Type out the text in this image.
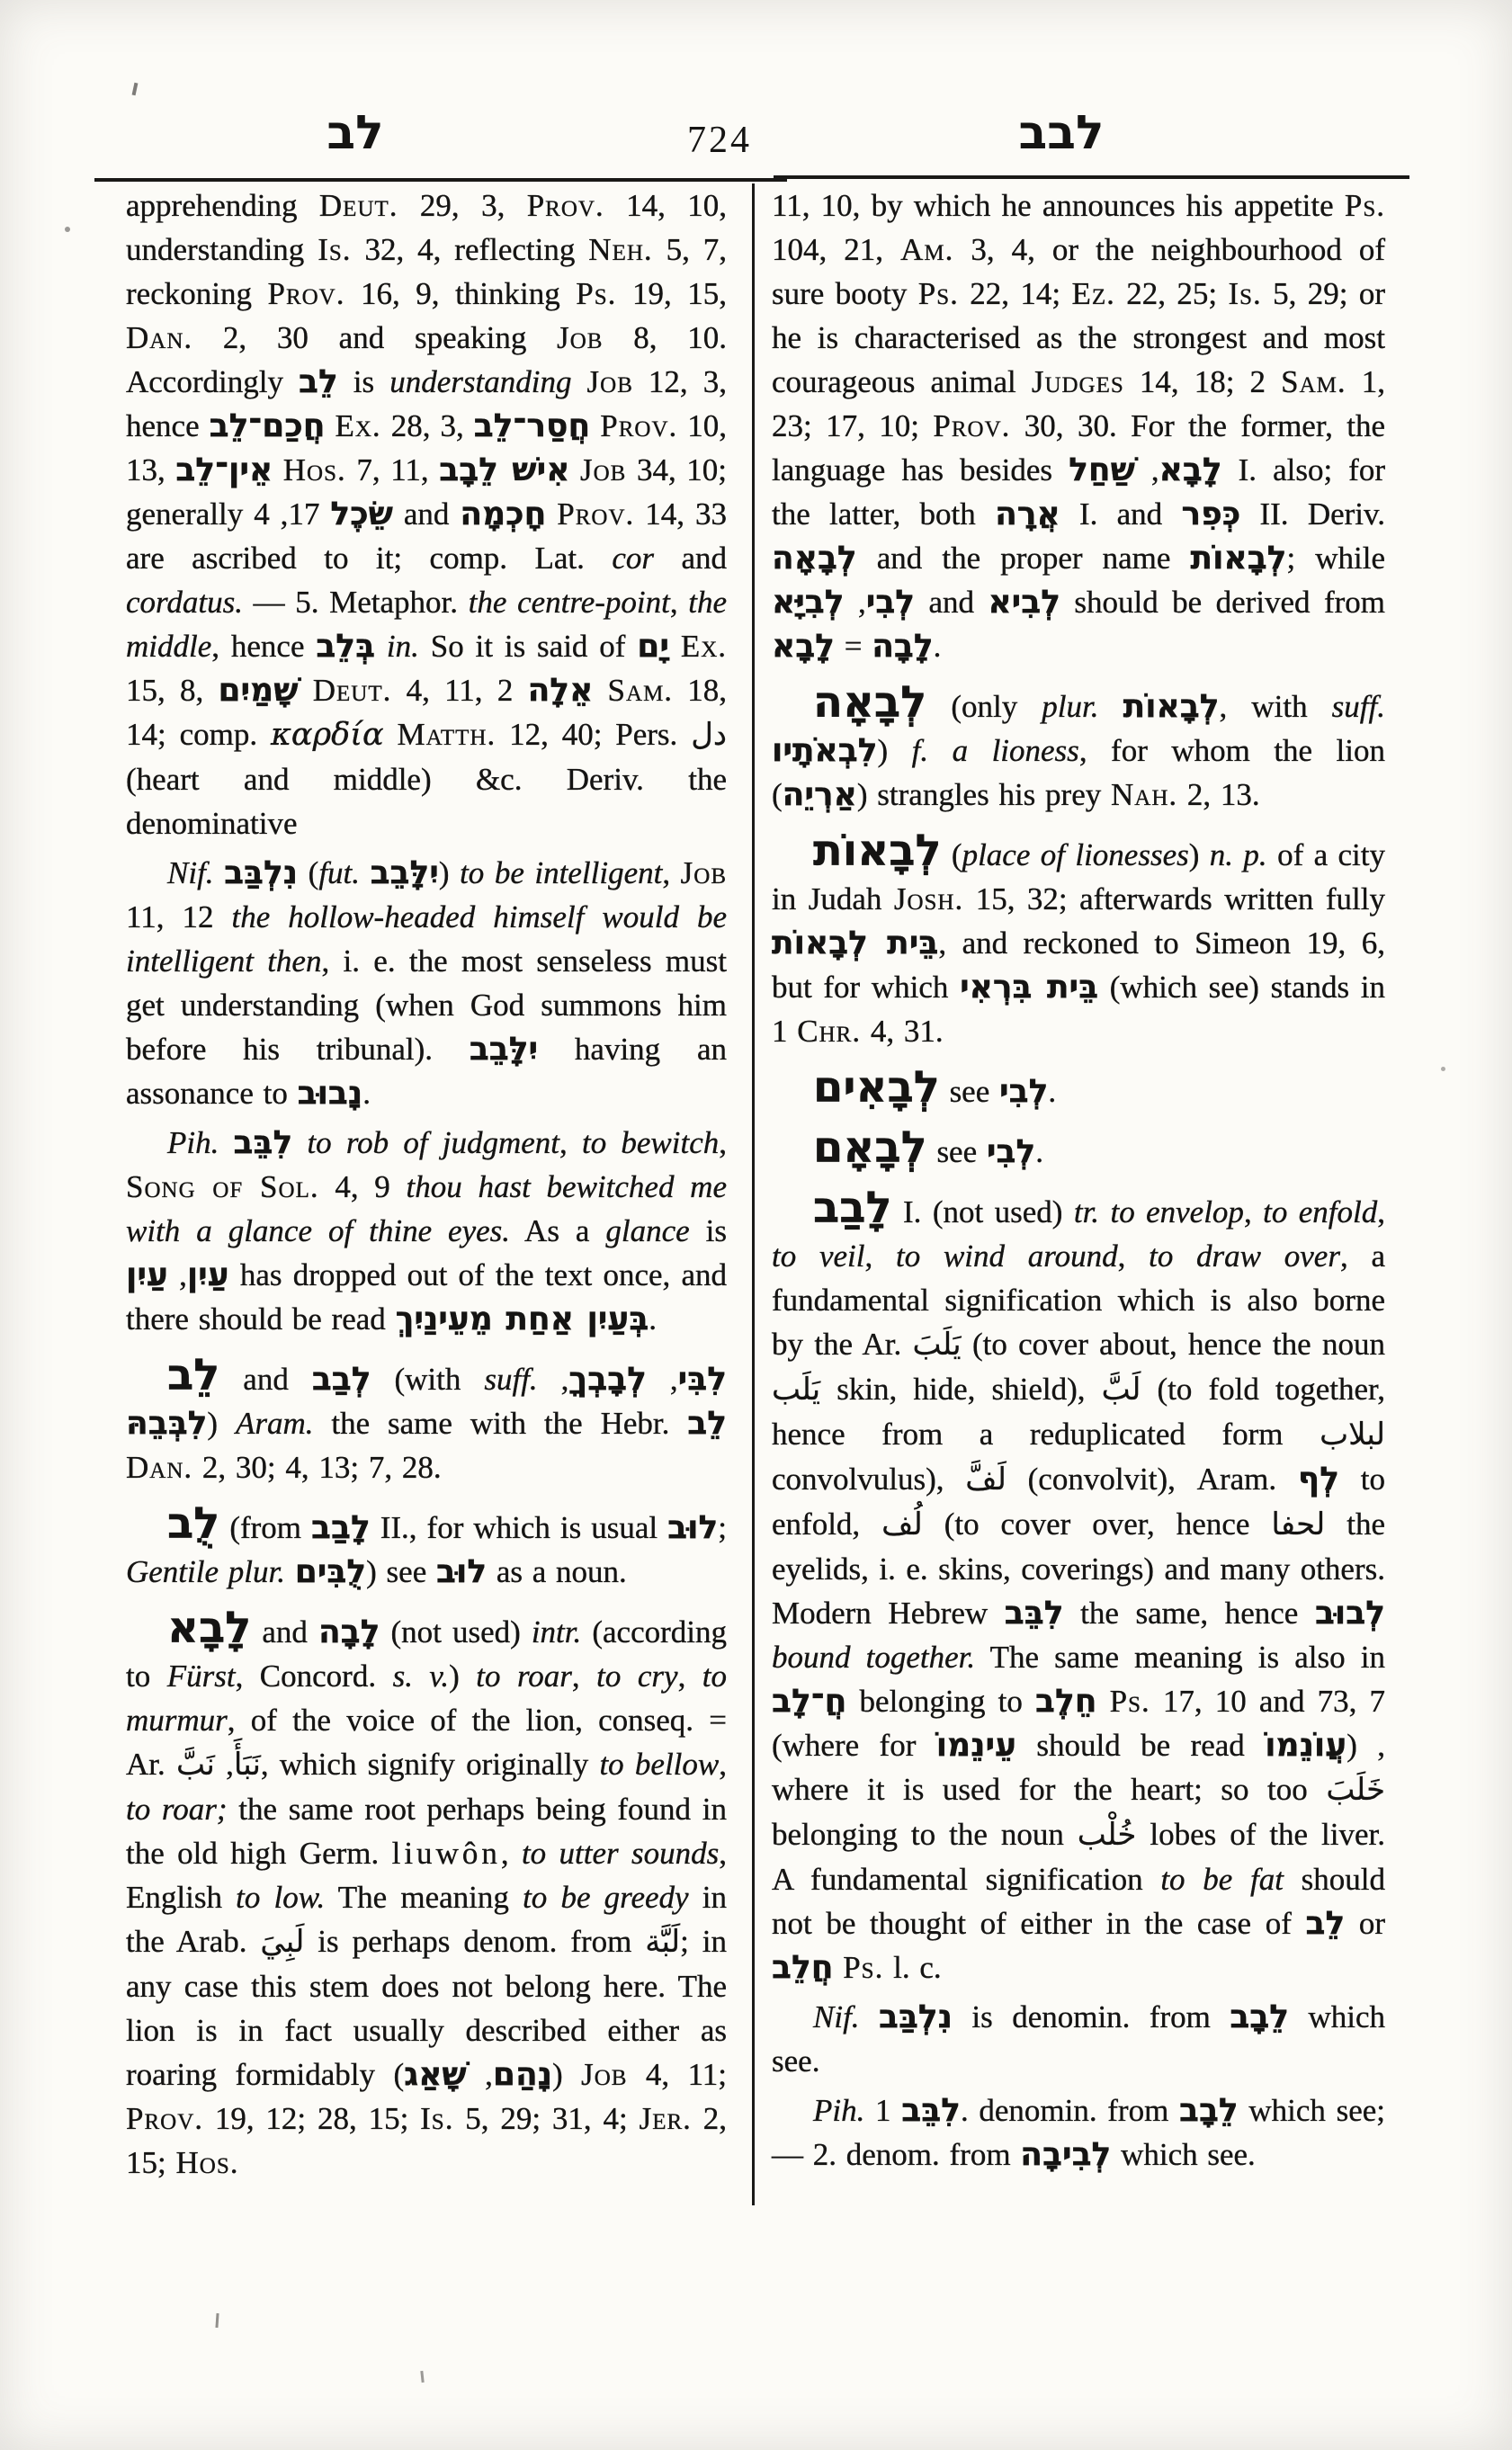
לב	724	לבב

apprehending Deut. 29, 3, Prov. 14, 10, understanding Is. 32, 4, reflecting Neh. 5, 7, reckoning Prov. 16, 9, thinking Ps. 19, 15, Dan. 2, 30 and speaking Job 8, 10. Accordingly לֵב is understanding Job 12, 3, hence חֲכַם־לֵב Ex. 28, 3, חֲסַר־לֵב Prov. 10, 13, אֵין־לֵב Hos. 7, 11, אִישׁ לֵבָב Job 34, 10; generally שֵׂכֶל 17, 4 and חָכְמָה Prov. 14, 33 are ascribed to it; comp. Lat. cor and cordatus. — 5. Metaphor. the centre-point, the middle, hence בְּלֵב in. So it is said of יָם Ex. 15, 8, שָׁמַיִם Deut. 4, 11, אֵלָה 2 Sam. 18, 14; comp. καρδία Matth. 12, 40; Pers. دل (heart and middle) &c. Deriv. the denominative

Nif. נִלְבַּב (fut. יִלָּבֵב) to be intelligent, Job 11, 12 the hollow-headed himself would be intelligent then, i. e. the most senseless must get understanding (when God summons him before his tribunal). יִלָּבֵב having an assonance to נָבוּב.

Pih. לִבֵּב to rob of judgment, to bewitch, Song of Sol. 4, 9 thou hast bewitched me with a glance of thine eyes. As a glance is עַיִן, עַיִן has dropped out of the text once, and there should be read בְּעַיִן אַחַת מֵעֵינַיִךְ.

לֵב and לְבַב (with suff.	לִבִּי, לְבָבְךָ, לִבְּבֵהּ) Aram. the same with the Hebr. לֵב Dan. 2, 30; 4, 13; 7, 28.

לֻב (from לָבַב II., for which is usual לוּב; Gentile plur. לֻבִּים) see לוּב as a noun.

לָבָא and לָבָה (not used) intr. (according to Fürst, Concord. s. v.) to roar, to cry, to murmur, of the voice of the lion, conseq. = Ar. نَبَأَ, نَبَّ , which signify originally to bellow, to roar; the same root perhaps being found in the old high Germ. liuwôn, to utter sounds, English to low. The meaning to be greedy in the Arab. لَبِيَ is perhaps denom. from لَبَّة; in any case this stem does not belong here. The lion is in fact usually described either as roaring formidably (	נָהַם, שָׁאַג	) Job 4, 11; Prov. 19, 12; 28, 15; Is. 5, 29; 31, 4; Jer. 2, 15; Hos.

11, 10, by which he announces his appetite Ps. 104, 21, Am. 3, 4, or the neighbourhood of sure booty Ps. 22, 14; Ez. 22, 25; Is. 5, 29; or he is characterised as the strongest and most courageous animal Judges 14, 18; 2 Sam. 1, 23; 17, 10; Prov. 30, 30. For the former, the language has besides	לָבָא, שַׁחַל	I. also; for the latter, both אֲרָה I. and כְּפִר II. Deriv. לְבָאָה and the proper name לְבָאוֹת; while לְבִי, לְבִיָּא and לְבִיא should be derived from לָבָה = לָבָא	.

לְבָאָה (only plur. לְבָאוֹת, with suff. לִבְאֹתָיו) f. a lioness, for whom the lion (אַרְיֵה) strangles his prey Nah. 2, 13.

לְבָאוֹת (place of lionesses) n. p. of a city in Judah Josh. 15, 32; afterwards written fully בֵּית לְבָאוֹת, and reckoned to Simeon 19, 6, but for which בֵּית בִּרְאִי (which see) stands in 1 Chr. 4, 31.

לְבָאִים see לְבִי.

לְבָאָם see לְבִי.

לָבַב I. (not used) tr. to envelop, to enfold, to veil, to wind around, to draw over, a fundamental signification which is also borne by the Ar. يَلَبَ (to cover about, hence the noun يَلَب skin, hide, shield), لَبَّ (to fold together, hence from a reduplicated form لبلاب convolvulus), لَفَّ (convolvit), Aram. לְף to enfold, لُف (to cover over, hence لحفا the eyelids, i. e. skins, coverings) and many others. Modern Hebrew לִבֵּב the same, hence לְבוּב bound together. The same meaning is also in חֲ־לָב belonging to חֵלֶב Ps. 17, 10 and 73, 7 (where for עֵינֵמוֹ should be read עֲוֹנֵמוֹ) , where it is used for the heart; so too خَلَبَ belonging to the noun خُلْب lobes of the liver. A fundamental signification to be fat should not be thought of either in the case of לֵב or חֲלֵב Ps. l. c.

Nif. נִלְבַּב is denomin. from לֵבָב which see.

Pih. לִבֵּב 1. denomin. from לֵבָב which see; — 2. denom. from לְבִיבָה which see.
